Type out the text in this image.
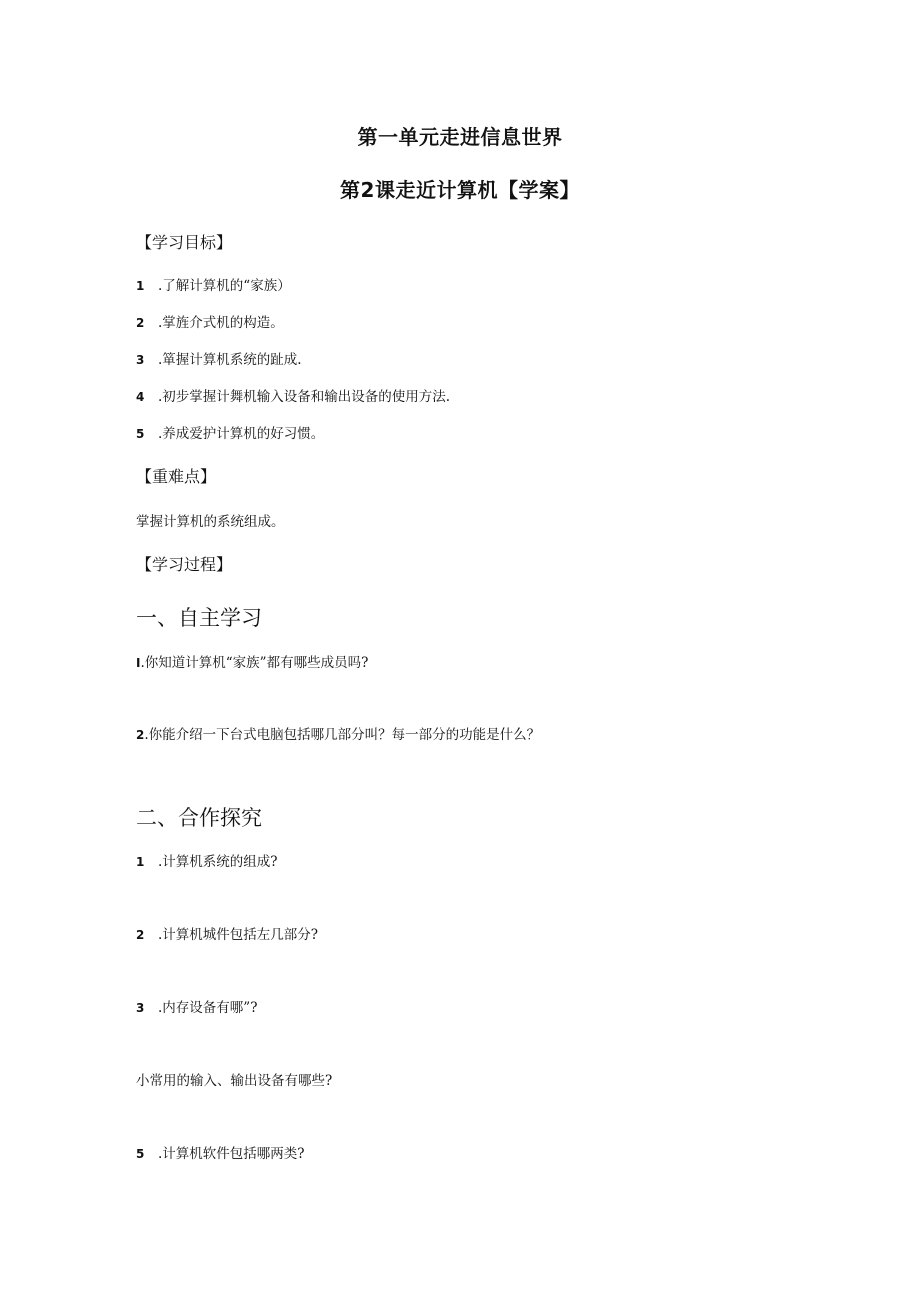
第一单元走进信息世界
第2课走近计算机【学案】
【学习目标】
1 .了解计算机的“家族）
2 .掌旌介式机的构造。
3 .箪握计算机系统的趾成.
4 .初步掌握计舞机输入设备和输出设备的使用方法.
5 .养成爱护计算机的好习惯。
【重难点】
掌握计算机的系统组成。
【学习过程】
一、自主学习
I.你知道计算机“家族”都有哪些成员吗?
2.你能介绍一下台式电脑包括哪几部分叫？每一部分的功能是什么？
二、合作探究
1 .计算机系统的组成?
2 .计算机城件包括左几部分?
3 .内存设备有哪”?
小常用的输入、输出设备有哪些?
5 .计算机软件包括哪两类?
